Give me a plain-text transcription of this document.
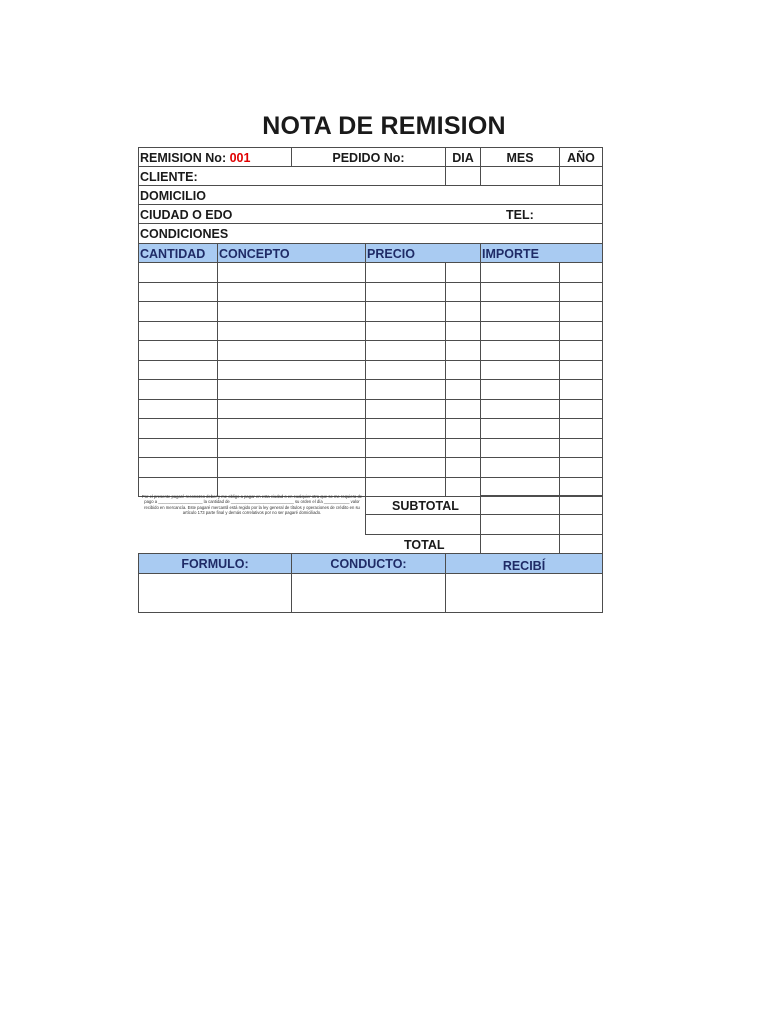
NOTA DE REMISION
REMISION No: 001	PEDIDO No:	DIA	MES	AÑO
CLIENTE:
DOMICILIO
CIUDAD O EDO	TEL:
CONDICIONES
CANTIDAD	CONCEPTO	PRECIO	IMPORTE
Por el presente pagaré reconozco deber y me obligo a pagar en esta ciudad o en cualquier otra que se me requiera de pago a ___________________ la cantidad de ___________________________ su orden el día ___________ valor recibido en mercancía. Este pagaré mercantil está regido por la ley general de títulos y operaciones de crédito en su artículo 173 parte final y demás correlativos por no ser pagaré domiciliado.	SUBTOTAL
TOTAL
FORMULO:	CONDUCTO:	RECIBÍ
